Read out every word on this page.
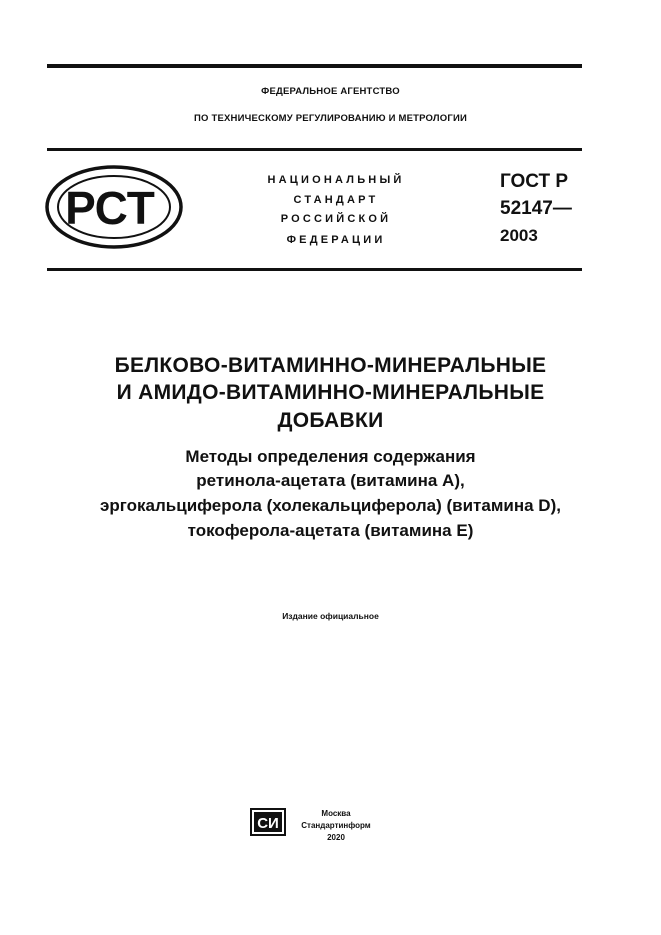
ФЕДЕРАЛЬНОЕ АГЕНТСТВО
ПО ТЕХНИЧЕСКОМУ РЕГУЛИРОВАНИЮ И МЕТРОЛОГИИ
РСТ
НАЦИОНАЛЬНЫЙ
СТАНДАРТ
РОССИЙСКОЙ
ФЕДЕРАЦИИ
ГОСТ Р
52147—
2003
БЕЛКОВО-ВИТАМИННО-МИНЕРАЛЬНЫЕ
И АМИДО-ВИТАМИННО-МИНЕРАЛЬНЫЕ
ДОБАВКИ
Методы определения содержания
ретинола-ацетата (витамина А),
эргокальциферола (холекальциферола) (витамина D),
токоферола-ацетата (витамина Е)
Издание официальное
СИ
Москва
Стандартинформ
2020
